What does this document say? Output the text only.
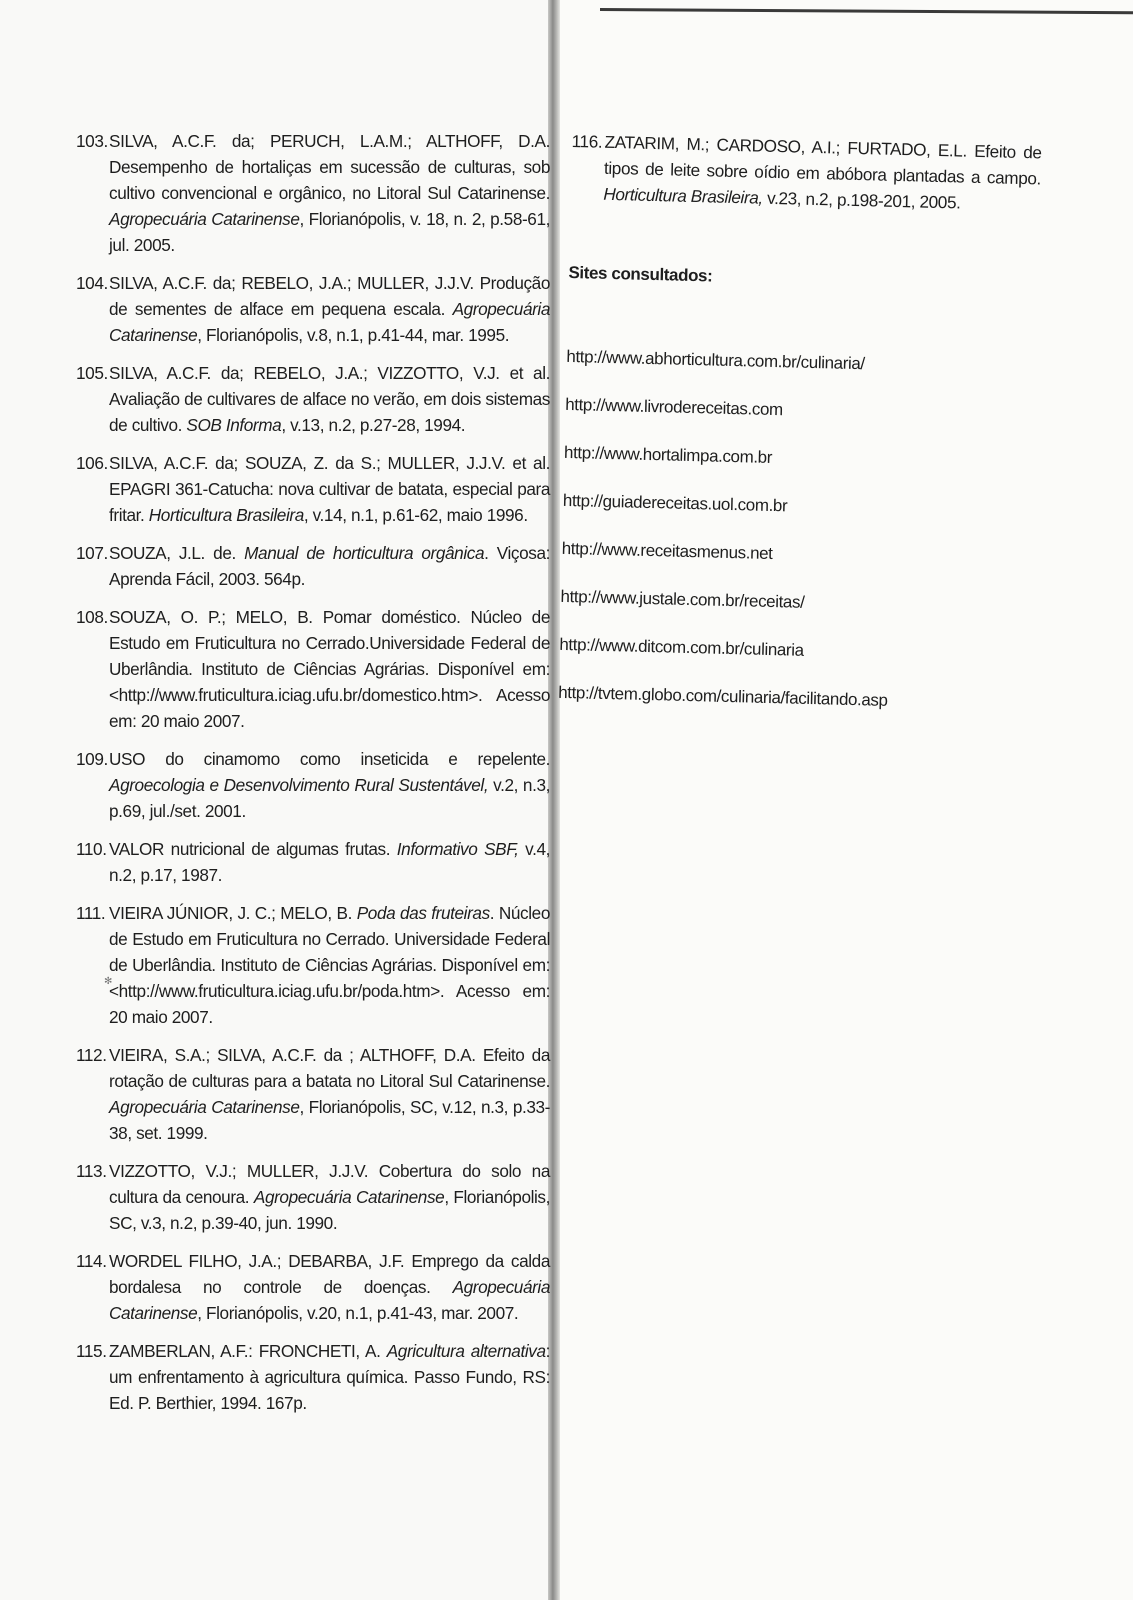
103. SILVA, A.C.F. da; PERUCH, L.A.M.; ALTHOFF, D.A. Desempenho de hortaliças em sucessão de culturas, sob cultivo convencional e orgânico, no Litoral Sul Catarinense. Agropecuária Catarinense, Florianópolis, v. 18, n. 2, p.58-61, jul. 2005.
104. SILVA, A.C.F. da; REBELO, J.A.; MULLER, J.J.V. Produção de sementes de alface em pequena escala. Agropecuária Catarinense, Florianópolis, v.8, n.1, p.41-44, mar. 1995.
105. SILVA, A.C.F. da; REBELO, J.A.; VIZZOTTO, V.J. et al. Avaliação de cultivares de alface no verão, em dois sistemas de cultivo. SOB Informa, v.13, n.2, p.27-28, 1994.
106. SILVA, A.C.F. da; SOUZA, Z. da S.; MULLER, J.J.V. et al. EPAGRI 361-Catucha: nova cultivar de batata, especial para fritar. Horticultura Brasileira, v.14, n.1, p.61-62, maio 1996.
107. SOUZA, J.L. de. Manual de horticultura orgânica. Viçosa: Aprenda Fácil, 2003. 564p.
108. SOUZA, O. P.; MELO, B. Pomar doméstico. Núcleo de Estudo em Fruticultura no Cerrado.Universidade Federal de Uberlândia. Instituto de Ciências Agrárias. Disponível em:<http://www.fruticultura.iciag.ufu.br/domestico.htm>. Acesso em: 20 maio 2007.
109. USO do cinamomo como inseticida e repelente. Agroecologia e Desenvolvimento Rural Sustentável, v.2, n.3, p.69, jul./set. 2001.
110. VALOR nutricional de algumas frutas. Informativo SBF, v.4, n.2, p.17, 1987.
111. VIEIRA JÚNIOR, J. C.; MELO, B. Poda das fruteiras. Núcleo de Estudo em Fruticultura no Cerrado. Universidade Federal de Uberlândia. Instituto de Ciências Agrárias. Disponível em: <http://www.fruticultura.iciag.ufu.br/poda.htm>. Acesso em: 20 maio 2007.
112. VIEIRA, S.A.; SILVA, A.C.F. da ; ALTHOFF, D.A. Efeito da rotação de culturas para a batata no Litoral Sul Catarinense. Agropecuária Catarinense, Florianópolis, SC, v.12, n.3, p.33-38, set. 1999.
113. VIZZOTTO, V.J.; MULLER, J.J.V. Cobertura do solo na cultura da cenoura. Agropecuária Catarinense, Florianópolis, SC, v.3, n.2, p.39-40, jun. 1990.
114. WORDEL FILHO, J.A.; DEBARBA, J.F. Emprego da calda bordalesa no controle de doenças. Agropecuária Catarinense, Florianópolis, v.20, n.1, p.41-43, mar. 2007.
115. ZAMBERLAN, A.F.: FRONCHETI, A. Agricultura alternativa: um enfrentamento à agricultura química. Passo Fundo, RS: Ed. P. Berthier, 1994. 167p.
116. ZATARIM, M.; CARDOSO, A.I.; FURTADO, E.L. Efeito de tipos de leite sobre oídio em abóbora plantadas a campo. Horticultura Brasileira, v.23, n.2, p.198-201, 2005.
Sites consultados:
http://www.abhorticultura.com.br/culinaria/
http://www.livrodereceitas.com
http://www.hortalimpa.com.br
http://guiadereceitas.uol.com.br
http://www.receitasmenus.net
http://www.justale.com.br/receitas/
http://www.ditcom.com.br/culinaria
http://tvtem.globo.com/culinaria/facilitando.asp
✻
